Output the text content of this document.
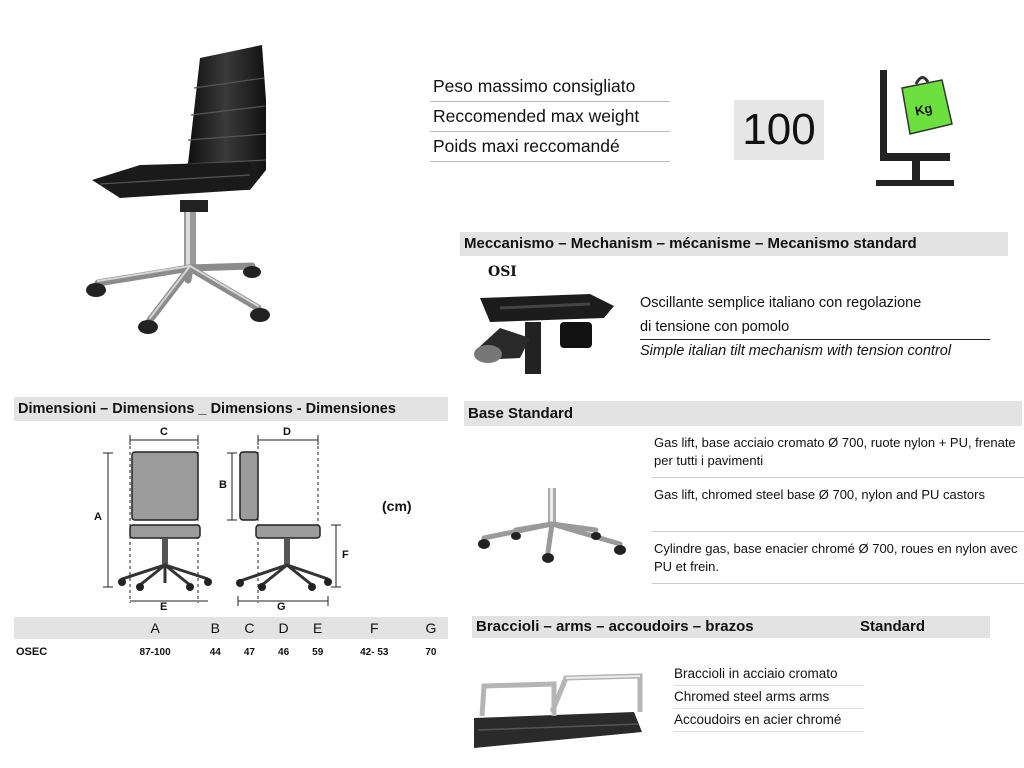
Peso massimo consigliato
Reccomended max weight
Poids maxi reccomandé	100	Kg
Meccanismo – Mechanism – mécanisme – Mecanismo standard
OSI
Oscillante semplice italiano con regolazione
di tensione con pomolo
Simple italian tilt mechanism with tension control
Dimensioni – Dimensions _ Dimensions - Dimensiones
C	D
A
B
F
E	G
(cm)
	A	B	C	D	E	F	G
OSEC	87-100	44	47	46	59	42- 53	70
Base Standard
Gas lift, base acciaio cromato Ø 700, ruote nylon + PU, frenate per tutti i pavimenti
Gas lift, chromed steel base Ø 700, nylon and PU castors
Cylindre gas, base enacier chromé Ø 700, roues en nylon avec PU et frein.
Braccioli – arms – accoudoirs – brazos	Standard
Braccioli in acciaio cromato
Chromed steel arms arms
Accoudoirs en acier chromé
